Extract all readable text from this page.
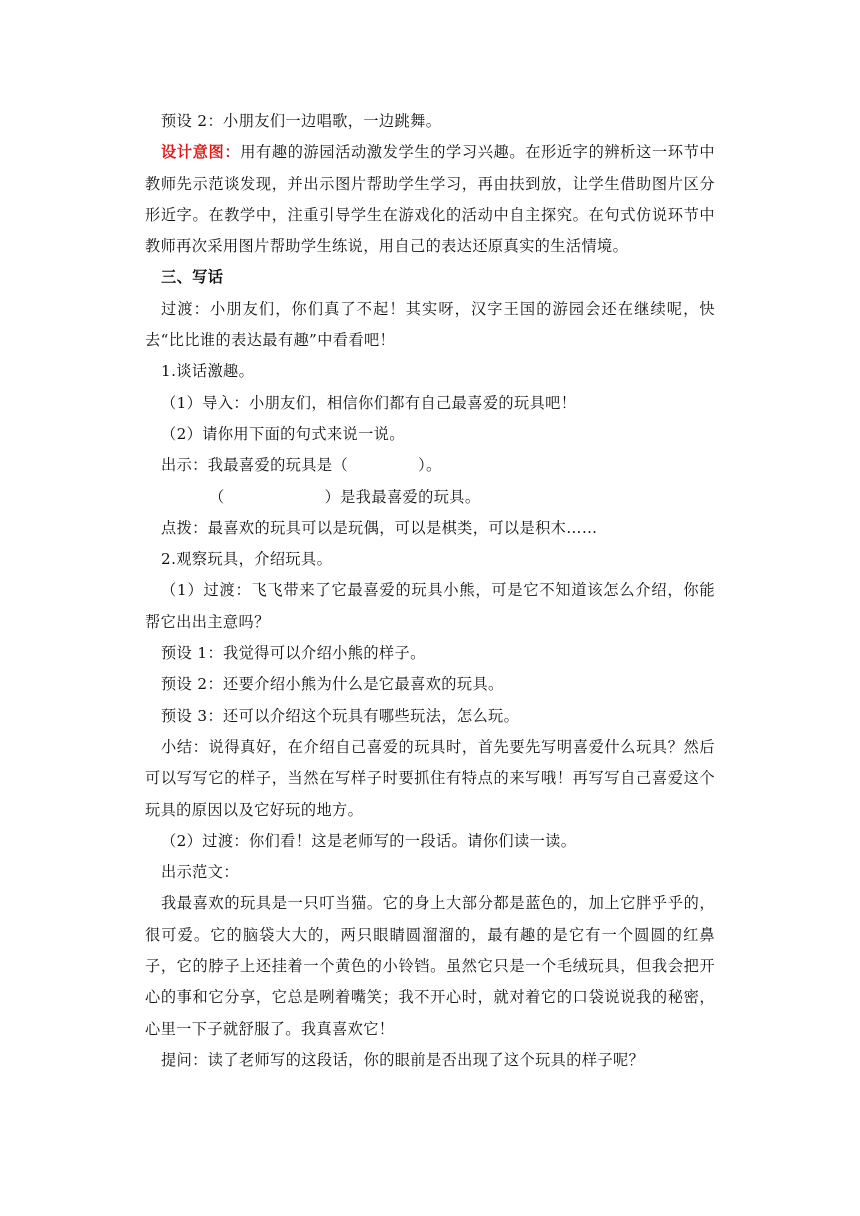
预设 2：小朋友们一边唱歌，一边跳舞。

设计意图：用有趣的游园活动激发学生的学习兴趣。在形近字的辨析这一环节中教师先示范谈发现，并出示图片帮助学生学习，再由扶到放，让学生借助图片区分形近字。在教学中，注重引导学生在游戏化的活动中自主探究。在句式仿说环节中教师再次采用图片帮助学生练说，用自己的表达还原真实的生活情境。

三、写话

过渡：小朋友们，你们真了不起！其实呀，汉字王国的游园会还在继续呢，快去“比比谁的表达最有趣”中看看吧！

1.谈话激趣。

（1）导入：小朋友们，相信你们都有自己最喜爱的玩具吧！

（2）请你用下面的句式来说一说。

出示：我最喜爱的玩具是（	）。

（	）是我最喜爱的玩具。

点拨：最喜欢的玩具可以是玩偶，可以是棋类，可以是积木……

2.观察玩具，介绍玩具。

（1）过渡：飞飞带来了它最喜爱的玩具小熊，可是它不知道该怎么介绍，你能帮它出出主意吗？

预设 1：我觉得可以介绍小熊的样子。

预设 2：还要介绍小熊为什么是它最喜欢的玩具。

预设 3：还可以介绍这个玩具有哪些玩法，怎么玩。

小结：说得真好，在介绍自己喜爱的玩具时，首先要先写明喜爱什么玩具？然后可以写写它的样子，当然在写样子时要抓住有特点的来写哦！再写写自己喜爱这个玩具的原因以及它好玩的地方。

（2）过渡：你们看！这是老师写的一段话。请你们读一读。

出示范文：

我最喜欢的玩具是一只叮当猫。它的身上大部分都是蓝色的，加上它胖乎乎的，很可爱。它的脑袋大大的，两只眼睛圆溜溜的，最有趣的是它有一个圆圆的红鼻子，它的脖子上还挂着一个黄色的小铃铛。虽然它只是一个毛绒玩具，但我会把开心的事和它分享，它总是咧着嘴笑；我不开心时，就对着它的口袋说说我的秘密，心里一下子就舒服了。我真喜欢它！

提问：读了老师写的这段话，你的眼前是否出现了这个玩具的样子呢？
